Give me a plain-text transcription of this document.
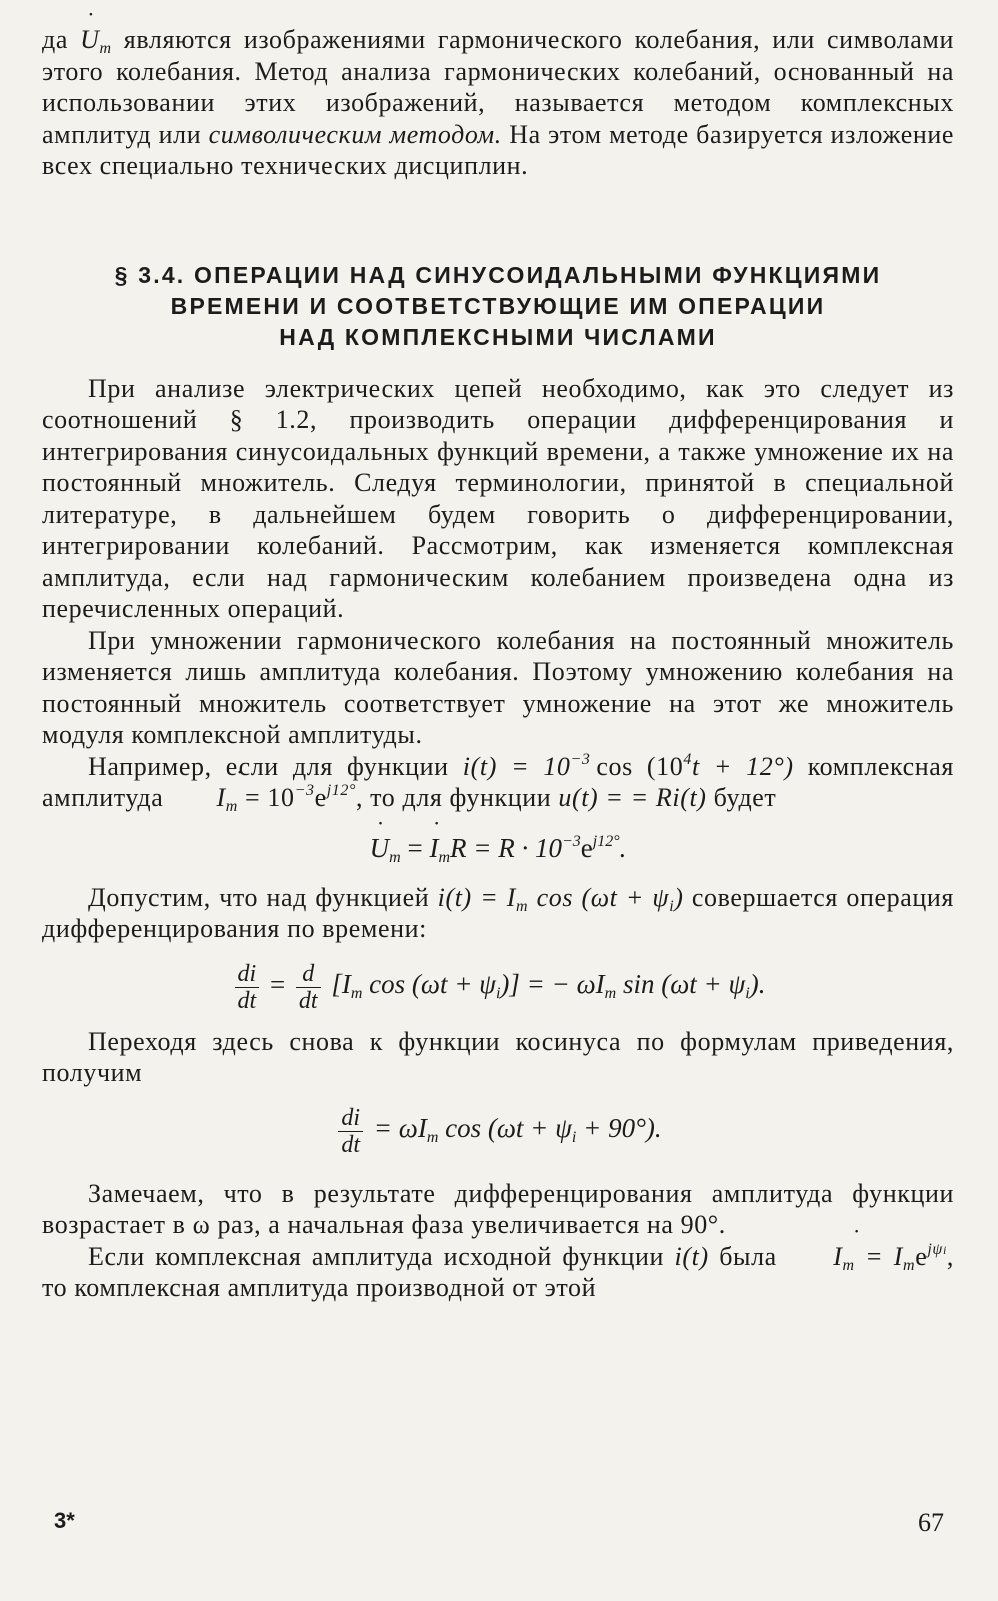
да ˙ $U_m$ являются изображениями гармонического колебания, или символами этого колебания. Метод анализа гармонических колебаний, основанный на использовании этих изображений, называется методом комплексных амплитуд или символическим методом. На этом методе базируется изложение всех специально технических дисциплин.

§ 3.4. ОПЕРАЦИИ НАД СИНУСОИДАЛЬНЫМИ ФУНКЦИЯМИ
ВРЕМЕНИ И СООТВЕТСТВУЮЩИЕ ИМ ОПЕРАЦИИ
НАД КОМПЛЕКСНЫМИ ЧИСЛАМИ

При анализе электрических цепей необходимо, как это следует из соотношений § 1.2, производить операции дифференцирования и интегрирования синусоидальных функций времени, а также умножение их на постоянный множитель. Следуя терминологии, принятой в специальной литературе, в дальнейшем будем говорить о дифференцировании, интегрировании колебаний. Рассмотрим, как изменяется комплексная амплитуда, если над гармоническим колебанием произведена одна из перечисленных операций.

При умножении гармонического колебания на постоянный множитель изменяется лишь амплитуда колебания. Поэтому умножению колебания на постоянный множитель соответствует умножение на этот же множитель модуля комплексной амплитуды.

Например, если для функции $i(t) = 10^{-3}$  $\cos (10^4t + 12^\circ)$ комплексная амплитуда ˙ $I_m = 10^{-3}e^{j12^\circ}$, то для функции u(t) = = Ri(t) будет

˙ $U_m$ = ˙ $I_mR = R \cdot 10^{-3}e^{j12^\circ}$.

Допустим, что над функцией $i(t) = I_m$ $\cos (\omega t + \psi_i)$ совершается операция дифференцирования по времени:

$\frac{di}{dt} = \frac{d}{dt} [I_m$ $\cos (\omega t + \psi_i)$] = − $\omega I_m$ $\sin (\omega t + \psi_i)$.

Переходя здесь снова к функции косинуса по формулам приведения, получим

$\frac{di}{dt} = \omega I_m$ $\cos (\omega t + \psi_i + 90^\circ)$.

Замечаем, что в результате дифференцирования амплитуда функции возрастает в ω раз, а начальная фаза увеличивается на 90°.

Если комплексная амплитуда исходной функции i(t) была ˙ $I_m = I_me^{j\psi i}$, то комплексная амплитуда производной от этой

3*	67
